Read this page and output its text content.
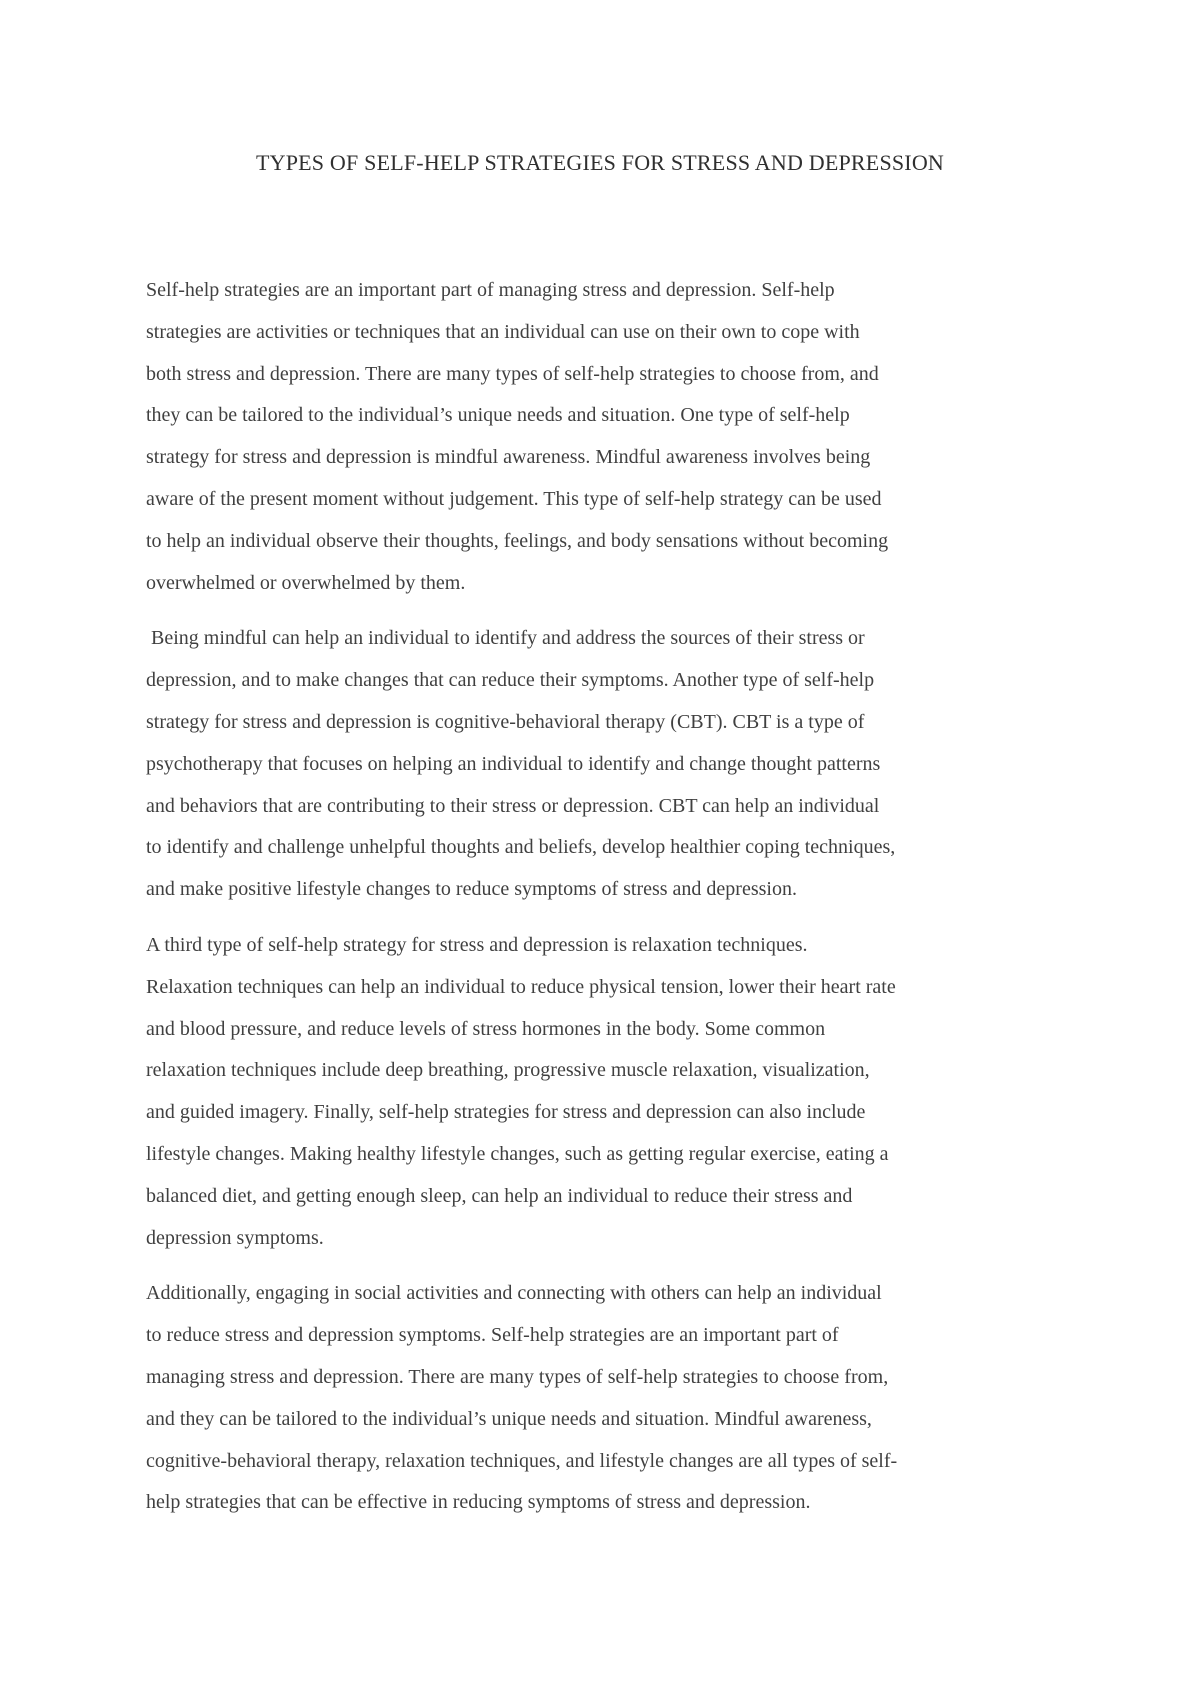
TYPES OF SELF-HELP STRATEGIES FOR STRESS AND DEPRESSION

Self-help strategies are an important part of managing stress and depression. Self-help
strategies are activities or techniques that an individual can use on their own to cope with
both stress and depression. There are many types of self-help strategies to choose from, and
they can be tailored to the individual’s unique needs and situation. One type of self-help
strategy for stress and depression is mindful awareness. Mindful awareness involves being
aware of the present moment without judgement. This type of self-help strategy can be used
to help an individual observe their thoughts, feelings, and body sensations without becoming
overwhelmed or overwhelmed by them.

Being mindful can help an individual to identify and address the sources of their stress or
depression, and to make changes that can reduce their symptoms. Another type of self-help
strategy for stress and depression is cognitive-behavioral therapy (CBT). CBT is a type of
psychotherapy that focuses on helping an individual to identify and change thought patterns
and behaviors that are contributing to their stress or depression. CBT can help an individual
to identify and challenge unhelpful thoughts and beliefs, develop healthier coping techniques,
and make positive lifestyle changes to reduce symptoms of stress and depression.

A third type of self-help strategy for stress and depression is relaxation techniques.
Relaxation techniques can help an individual to reduce physical tension, lower their heart rate
and blood pressure, and reduce levels of stress hormones in the body. Some common
relaxation techniques include deep breathing, progressive muscle relaxation, visualization,
and guided imagery. Finally, self-help strategies for stress and depression can also include
lifestyle changes. Making healthy lifestyle changes, such as getting regular exercise, eating a
balanced diet, and getting enough sleep, can help an individual to reduce their stress and
depression symptoms.

Additionally, engaging in social activities and connecting with others can help an individual
to reduce stress and depression symptoms. Self-help strategies are an important part of
managing stress and depression. There are many types of self-help strategies to choose from,
and they can be tailored to the individual’s unique needs and situation. Mindful awareness,
cognitive-behavioral therapy, relaxation techniques, and lifestyle changes are all types of self-
help strategies that can be effective in reducing symptoms of stress and depression.
